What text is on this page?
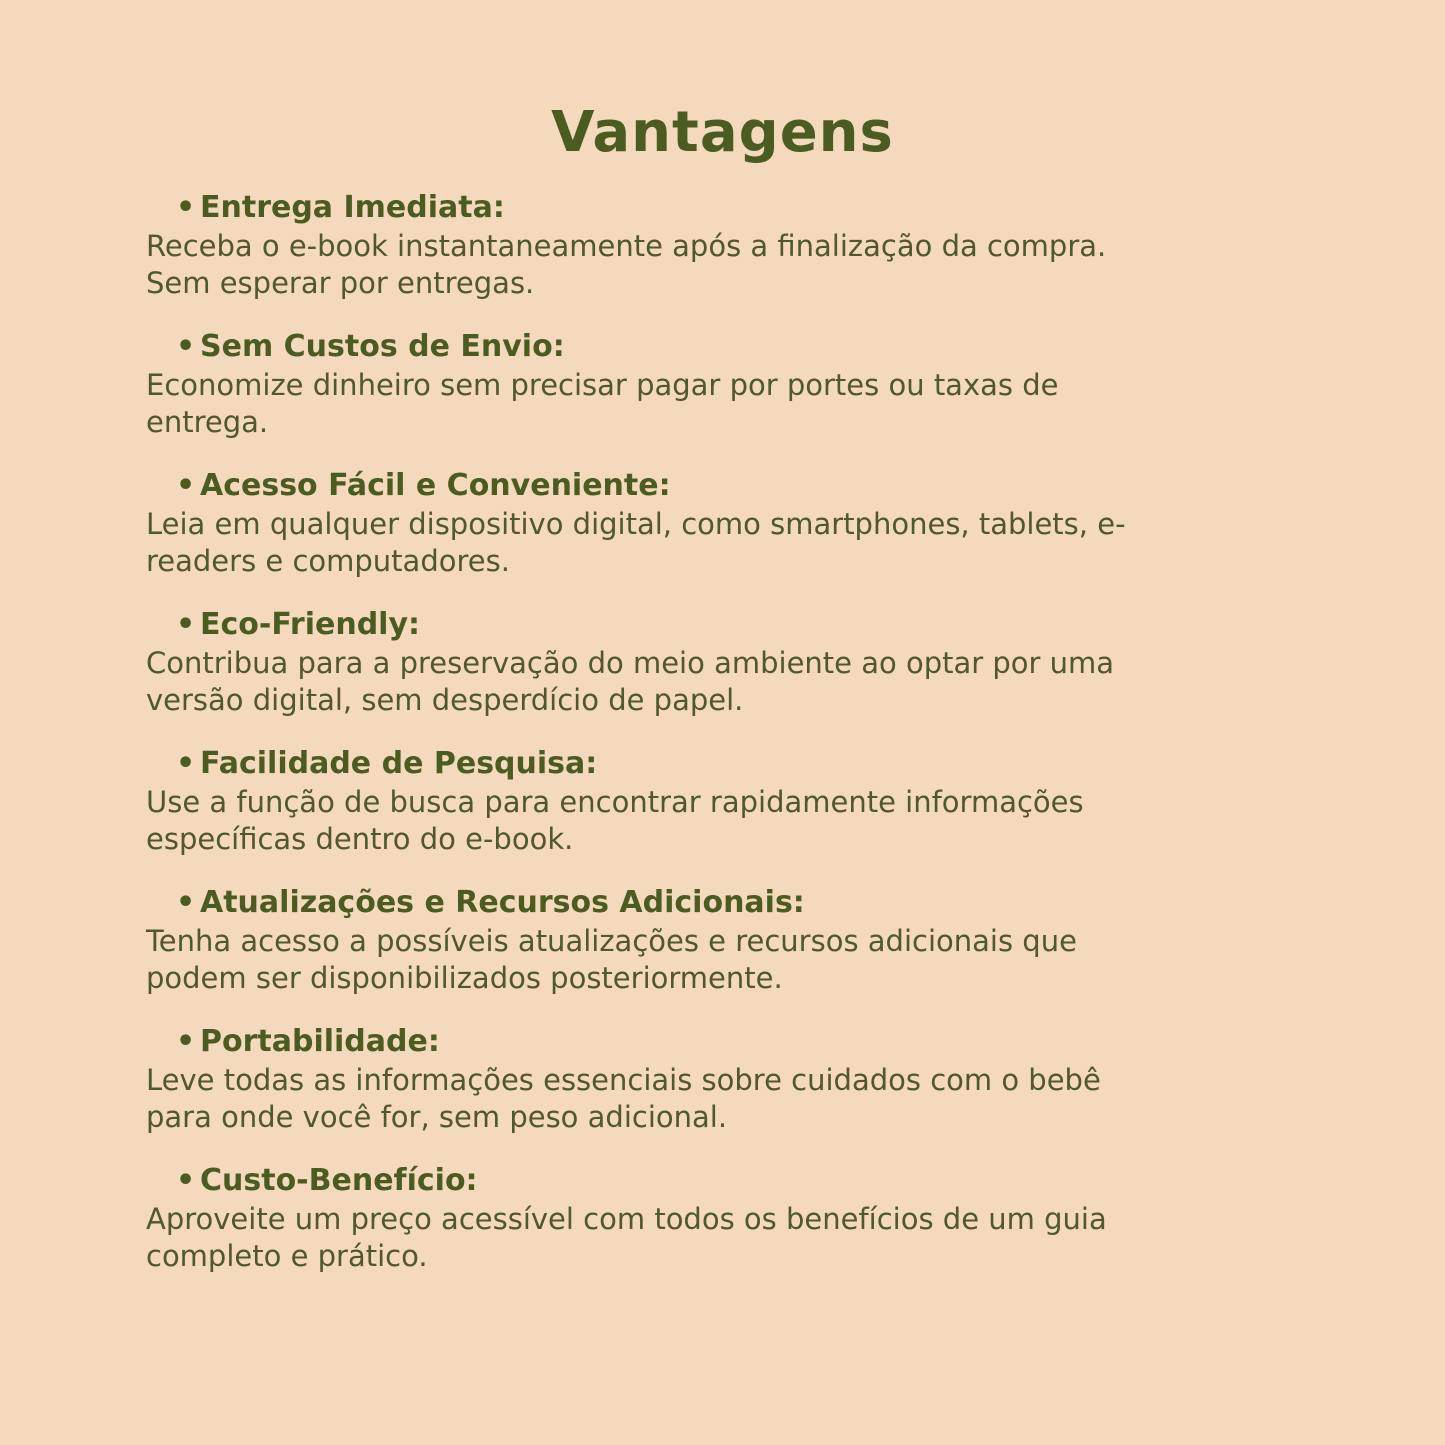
Vantagens
• Entrega Imediata:
Receba o e-book instantaneamente após a finalização da compra.
Sem esperar por entregas.
• Sem Custos de Envio:
Economize dinheiro sem precisar pagar por portes ou taxas de
entrega.
• Acesso Fácil e Conveniente:
Leia em qualquer dispositivo digital, como smartphones, tablets, e-
readers e computadores.
• Eco-Friendly:
Contribua para a preservação do meio ambiente ao optar por uma
versão digital, sem desperdício de papel.
• Facilidade de Pesquisa:
Use a função de busca para encontrar rapidamente informações
específicas dentro do e-book.
• Atualizações e Recursos Adicionais:
Tenha acesso a possíveis atualizações e recursos adicionais que
podem ser disponibilizados posteriormente.
• Portabilidade:
Leve todas as informações essenciais sobre cuidados com o bebê
para onde você for, sem peso adicional.
• Custo-Benefício:
Aproveite um preço acessível com todos os benefícios de um guia
completo e prático.
